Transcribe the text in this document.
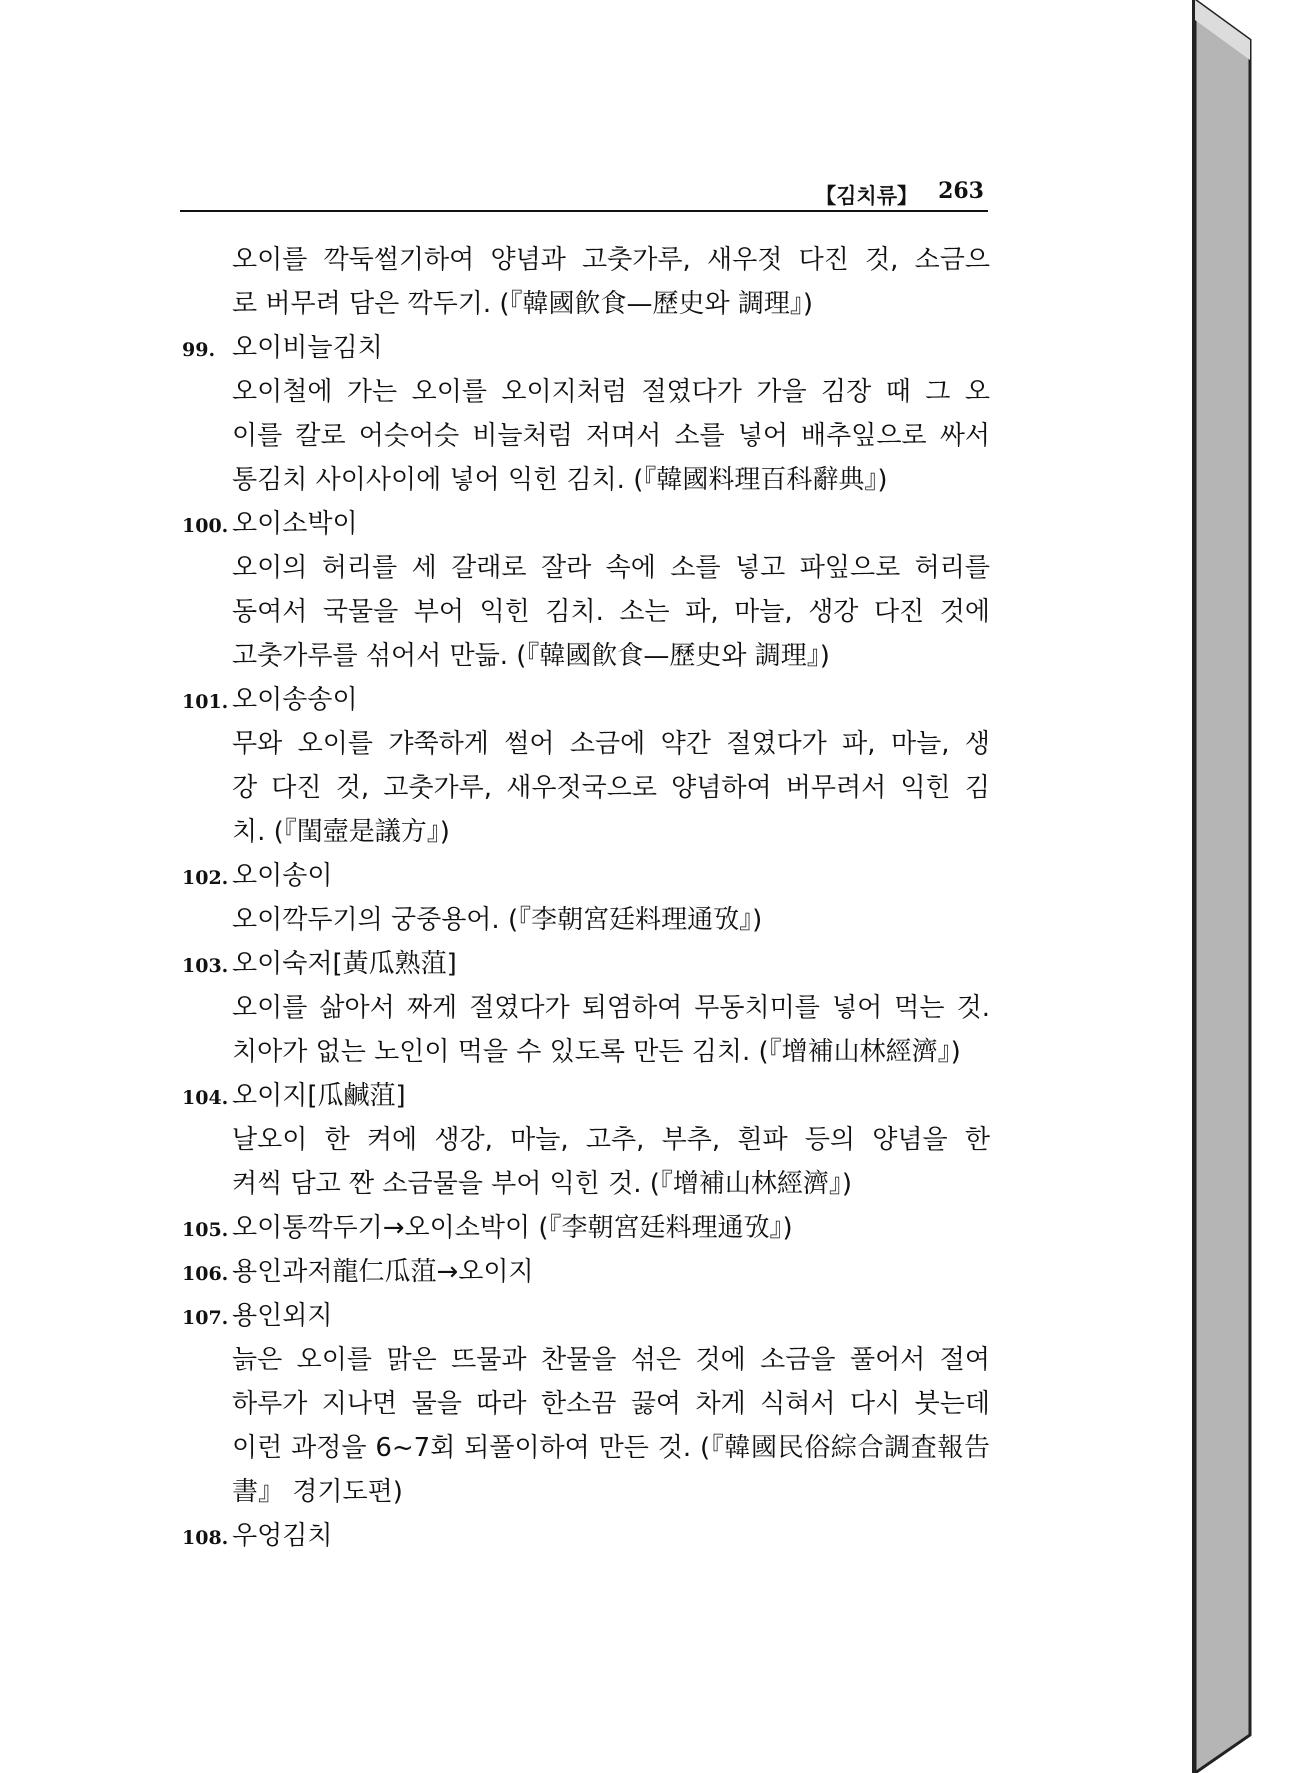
【김치류】 263
오이를 깍둑썰기하여 양념과 고춧가루, 새우젓 다진 것, 소금으
로 버무려 담은 깍두기. (『韓國飮食—歷史와 調理』)
99. 오이비늘김치
오이철에 가는 오이를 오이지처럼 절였다가 가을 김장 때 그 오
이를 칼로 어슷어슷 비늘처럼 저며서 소를 넣어 배추잎으로 싸서
통김치 사이사이에 넣어 익힌 김치. (『韓國料理百科辭典』)
100. 오이소박이
오이의 허리를 세 갈래로 잘라 속에 소를 넣고 파잎으로 허리를
동여서 국물을 부어 익힌 김치. 소는 파, 마늘, 생강 다진 것에
고춧가루를 섞어서 만듦. (『韓國飮食—歷史와 調理』)
101. 오이송송이
무와 오이를 갸쭉하게 썰어 소금에 약간 절였다가 파, 마늘, 생
강 다진 것, 고춧가루, 새우젓국으로 양념하여 버무려서 익힌 김
치. (『閨壼是議方』)
102. 오이송이
오이깍두기의 궁중용어. (『李朝宮廷料理通攷』)
103. 오이숙저[黃瓜熟菹]
오이를 삶아서 짜게 절였다가 퇴염하여 무동치미를 넣어 먹는 것.
치아가 없는 노인이 먹을 수 있도록 만든 김치. (『增補山林經濟』)
104. 오이지[瓜鹹菹]
날오이 한 켜에 생강, 마늘, 고추, 부추, 흰파 등의 양념을 한
켜씩 담고 짠 소금물을 부어 익힌 것. (『增補山林經濟』)
105. 오이통깍두기→오이소박이 (『李朝宮廷料理通攷』)
106. 용인과저龍仁瓜菹→오이지
107. 용인외지
늙은 오이를 맑은 뜨물과 찬물을 섞은 것에 소금을 풀어서 절여
하루가 지나면 물을 따라 한소끔 끓여 차게 식혀서 다시 붓는데
이런 과정을 6~7회 되풀이하여 만든 것. (『韓國民俗綜合調査報告
書』 경기도편)
108. 우엉김치
